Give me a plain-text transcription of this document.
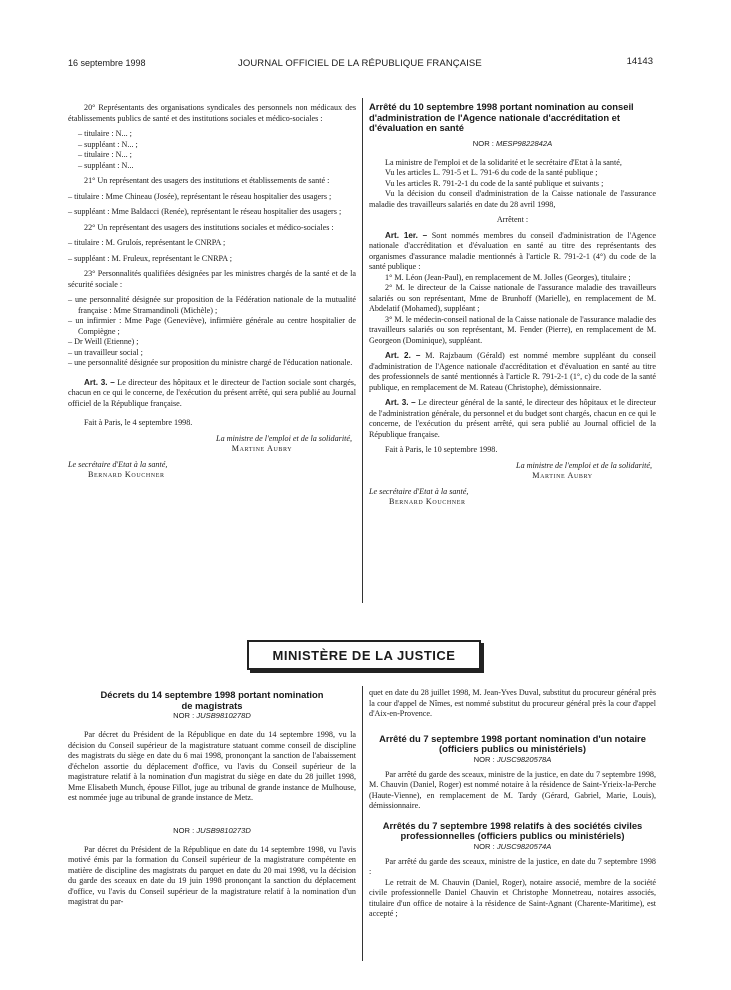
16 septembre 1998	JOURNAL OFFICIEL DE LA RÉPUBLIQUE FRANÇAISE	14143

20° Représentants des organisations syndicales des personnels non médicaux des établissements publics de santé et des institutions sociales et médico-sociales :

– titulaire : N... ;

– suppléant : N... ;

– titulaire : N... ;

– suppléant : N...

21° Un représentant des usagers des institutions et établissements de santé :

– titulaire : Mme Chineau (Josée), représentant le réseau hospitalier des usagers ;

– suppléant : Mme Baldacci (Renée), représentant le réseau hospitalier des usagers ;

22° Un représentant des usagers des institutions sociales et médico-sociales :

– titulaire : M. Gruloís, représentant le CNRPA ;

– suppléant : M. Fruleux, représentant le CNRPA ;

23° Personnalités qualifiées désignées par les ministres chargés de la santé et de la sécurité sociale :

– une personnalité désignée sur proposition de la Fédération nationale de la mutualité française : Mme Stramandinoli (Michèle) ;

– un infirmier : Mme Page (Geneviève), infirmière générale au centre hospitalier de Compiègne ;

– Dr Weill (Etienne) ;

– un travailleur social ;

– une personnalité désignée sur proposition du ministre chargé de l'éducation nationale.

Art. 3. – Le directeur des hôpitaux et le directeur de l'action sociale sont chargés, chacun en ce qui le concerne, de l'exécution du présent arrêté, qui sera publié au Journal officiel de la République française.

Fait à Paris, le 4 septembre 1998.

La ministre de l'emploi et de la solidarité,

Martine Aubry

Le secrétaire d'Etat à la santé,

Bernard Kouchner

Arrêté du 10 septembre 1998 portant nomination au conseil d'administration de l'Agence nationale d'accréditation et d'évaluation en santé

NOR : MESP9822842A

La ministre de l'emploi et de la solidarité et le secrétaire d'Etat à la santé,

Vu les articles L. 791-5 et L. 791-6 du code de la santé publique ;

Vu les articles R. 791-2-1 du code de la santé publique et suivants ;

Vu la décision du conseil d'administration de la Caisse nationale de l'assurance maladie des travailleurs salariés en date du 28 avril 1998,

Arrêtent :

Art. 1er. – Sont nommés membres du conseil d'administration de l'Agence nationale d'accréditation et d'évaluation en santé au titre des représentants des organismes d'assurance maladie mentionnés à l'article R. 791-2-1 (4°) du code de la santé publique :

1° M. Léon (Jean-Paul), en remplacement de M. Jolles (Georges), titulaire ;

2° M. le directeur de la Caisse nationale de l'assurance maladie des travailleurs salariés ou son représentant, Mme de Brunhoff (Marielle), en remplacement de M. Abdelatif (Mohamed), suppléant ;

3° M. le médecin-conseil national de la Caisse nationale de l'assurance maladie des travailleurs salariés ou son représentant, M. Fender (Pierre), en remplacement de M. Georgeon (Dominique), suppléant.

Art. 2. – M. Rajzbaum (Gérald) est nommé membre suppléant du conseil d'administration de l'Agence nationale d'accréditation et d'évaluation en santé au titre des professionnels de santé mentionnés à l'article R. 791-2-1 (1°, c) du code de la santé publique, en remplacement de M. Rateau (Christophe), démissionnaire.

Art. 3. – Le directeur général de la santé, le directeur des hôpitaux et le directeur de l'administration générale, du personnel et du budget sont chargés, chacun en ce qui le concerne, de l'exécution du présent arrêté, qui sera publié au Journal officiel de la République française.

Fait à Paris, le 10 septembre 1998.

La ministre de l'emploi et de la solidarité,

Martine Aubry

Le secrétaire d'Etat à la santé,

Bernard Kouchner

MINISTÈRE DE LA JUSTICE

Décrets du 14 septembre 1998 portant nomination de magistrats

NOR : JUSB9810278D

Par décret du Président de la République en date du 14 septembre 1998, vu la décision du Conseil supérieur de la magistrature statuant comme conseil de discipline des magistrats du siège en date du 6 mai 1998, prononçant la sanction de l'abaissement d'échelon assortie du déplacement d'office, vu l'avis du Conseil supérieur de la magistrature relatif à la nomination d'un magistrat du siège en date du 28 juillet 1998, Mme Elisabeth Munch, épouse Fillot, juge au tribunal de grande instance de Mulhouse, est nommée juge au tribunal de grande instance de Metz.

NOR : JUSB9810273D

Par décret du Président de la République en date du 14 septembre 1998, vu l'avis motivé émis par la formation du Conseil supérieur de la magistrature compétente en matière de discipline des magistrats du parquet en date du 20 mai 1998, vu la décision du garde des sceaux en date du 19 juin 1998 prononçant la sanction du déplacement d'office, vu l'avis du Conseil supérieur de la magistrature relatif à la nomination d'un magistrat du par-

quet en date du 28 juillet 1998, M. Jean-Yves Duval, substitut du procureur général près la cour d'appel de Nîmes, est nommé substitut du procureur général près la cour d'appel d'Aix-en-Provence.

Arrêté du 7 septembre 1998 portant nomination d'un notaire (officiers publics ou ministériels)

NOR : JUSC9820578A

Par arrêté du garde des sceaux, ministre de la justice, en date du 7 septembre 1998, M. Chauvin (Daniel, Roger) est nommé notaire à la résidence de Saint-Yrieix-la-Perche (Haute-Vienne), en remplacement de M. Tardy (Gérard, Gabriel, Marie, Louis), démissionnaire.

Arrêtés du 7 septembre 1998 relatifs à des sociétés civiles professionnelles (officiers publics ou ministériels)

NOR : JUSC9820574A

Par arrêté du garde des sceaux, ministre de la justice, en date du 7 septembre 1998 :

Le retrait de M. Chauvin (Daniel, Roger), notaire associé, membre de la société civile professionnelle Daniel Chauvin et Christophe Monnetreau, notaires associés, titulaire d'un office de notaire à la résidence de Saint-Agnant (Charente-Maritime), est accepté ;
